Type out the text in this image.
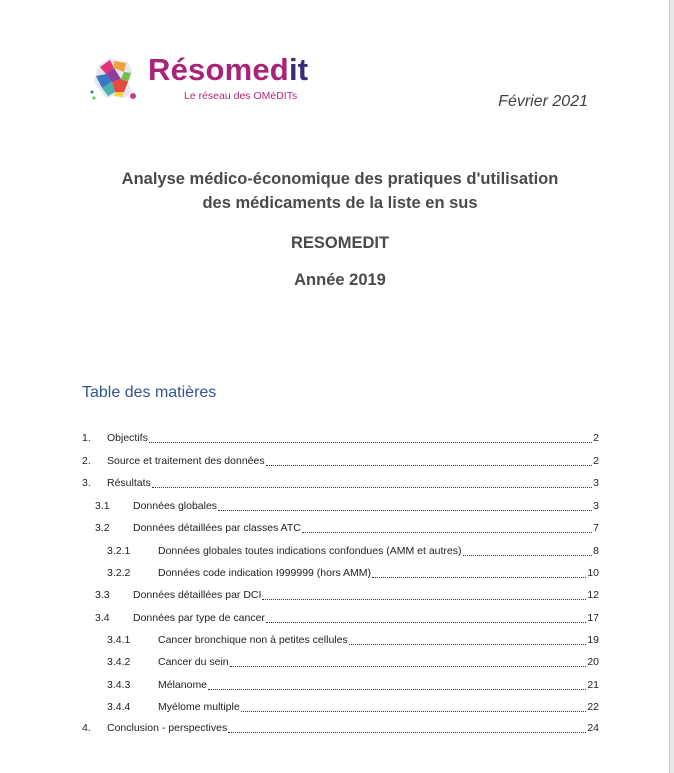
Résomedit
Le réseau des OMéDITs	Février 2021
Analyse médico-économique des pratiques d'utilisation
des médicaments de la liste en sus
RESOMEDIT
Année 2019
Table des matières
1. Objectifs	2
2. Source et traitement des données	2
3. Résultats	3
3.1 Données globales	3
3.2 Données détaillées par classes ATC	7
3.2.1	Données globales toutes indications confondues (AMM et autres)	8
3.2.2	Données code indication I999999 (hors AMM)	10
3.3 Données détaillées par DCI	12
3.4 Données par type de cancer	17
3.4.1	Cancer bronchique non à petites cellules	19
3.4.2	Cancer du sein	20
3.4.3	Mélanome	21
3.4.4	Myélome multiple	22
4. Conclusion - perspectives	24
